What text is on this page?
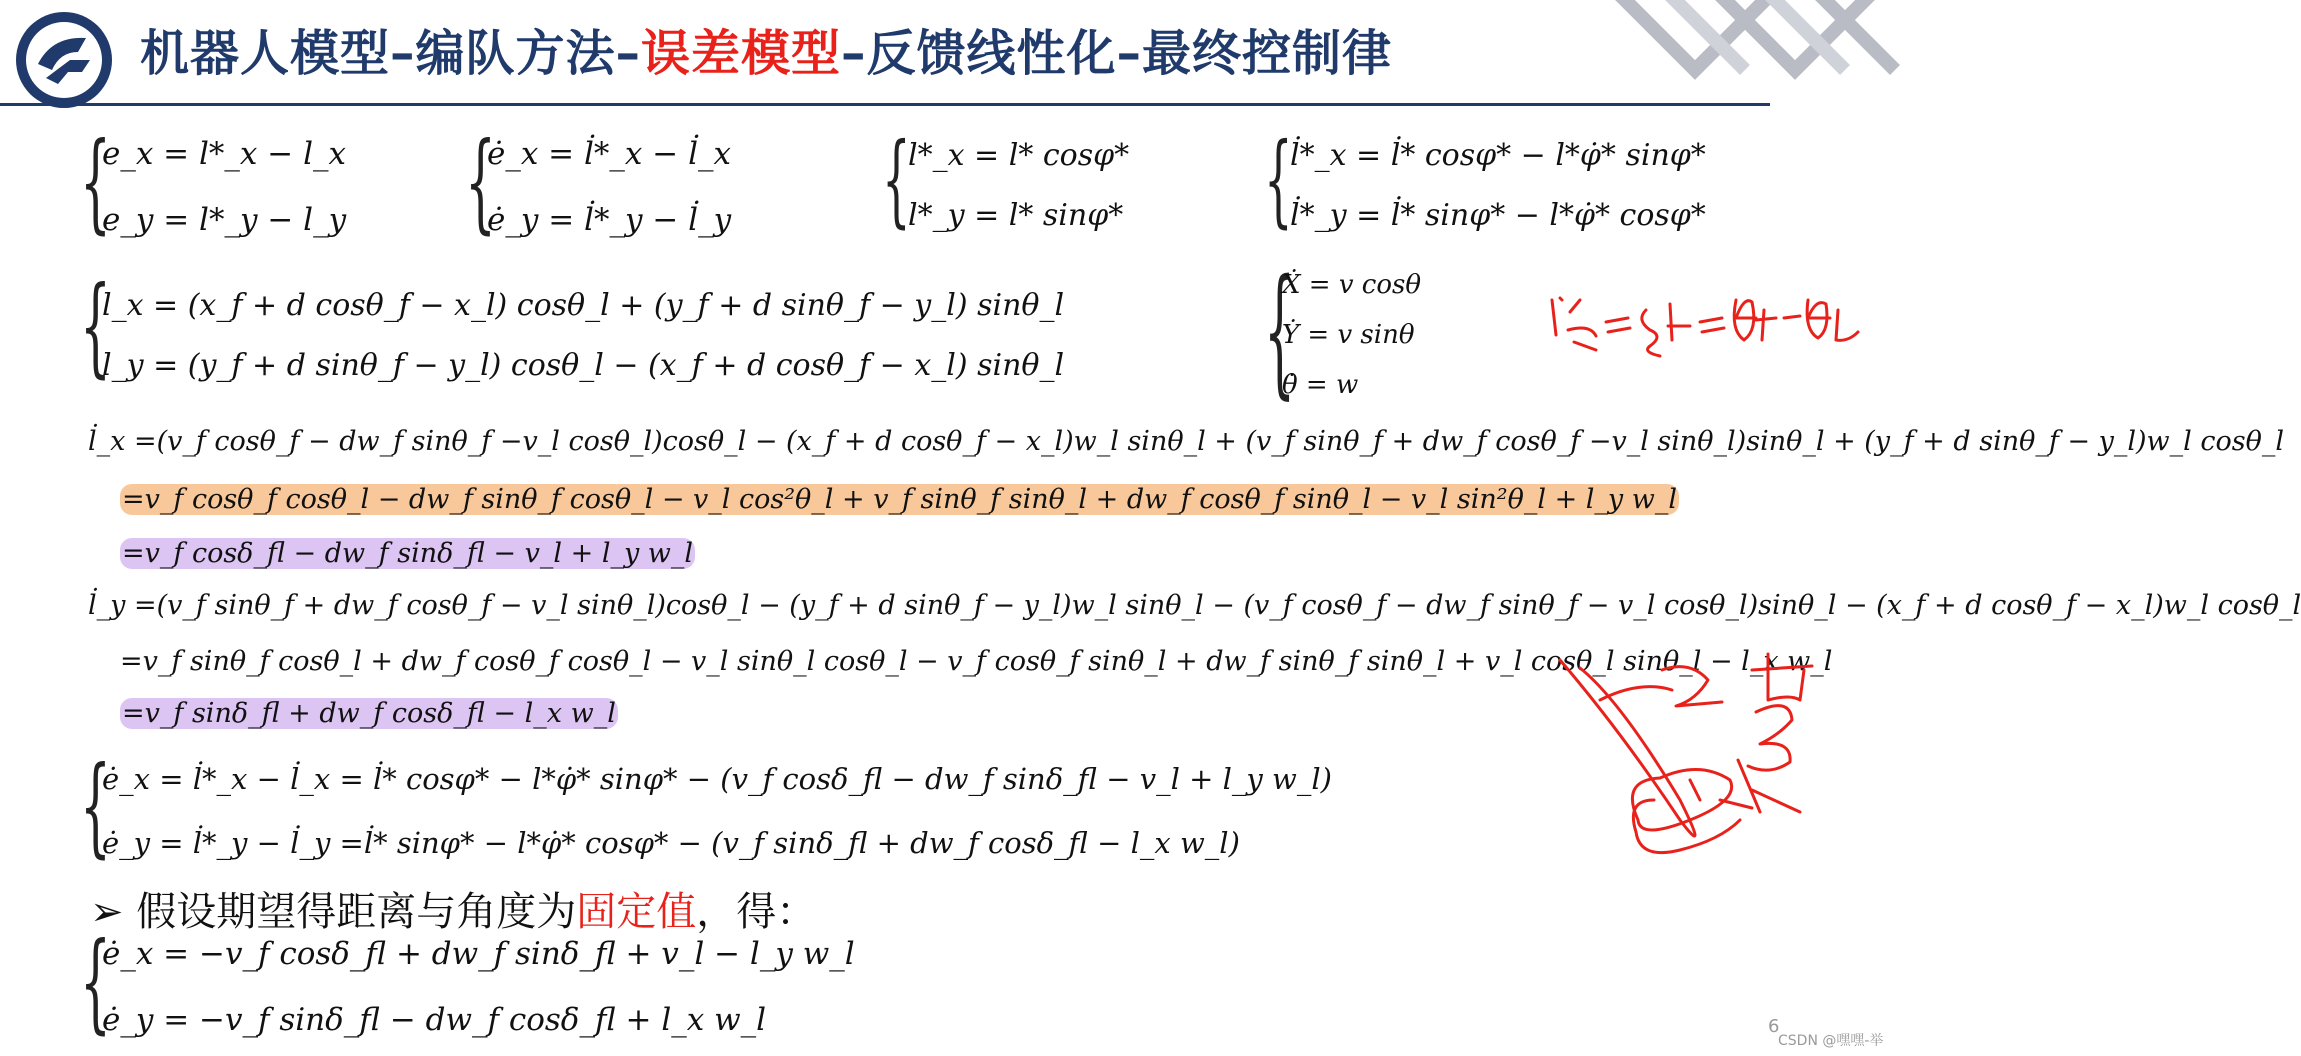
机器人模型–编队方法–误差模型–反馈线性化–最终控制律
{
e_x = l*_x − l_x
e_y = l*_y − l_y {
ė_x = l̇*_x − l̇_x
ė_y = l̇*_y − l̇_y {
l*_x = l* cosφ*
l*_y = l* sinφ* {
l̇*_x = l̇* cosφ* − l*φ̇* sinφ*
l̇*_y = l̇* sinφ* − l*φ̇* cosφ*
{
l_x = (x_f + d cosθ_f − x_l) cosθ_l + (y_f + d sinθ_f − y_l) sinθ_l
l_y = (y_f + d sinθ_f − y_l) cosθ_l − (x_f + d cosθ_f − x_l) sinθ_l {
Ẋ = v cosθ
Ẏ = v sinθ
θ̇ = w
l̇_x =(v_f cosθ_f − dw_f sinθ_f −v_l cosθ_l)cosθ_l − (x_f + d cosθ_f − x_l)w_l sinθ_l + (v_f sinθ_f + dw_f cosθ_f −v_l sinθ_l)sinθ_l + (y_f + d sinθ_f − y_l)w_l cosθ_l
=v_f cosθ_f cosθ_l − dw_f sinθ_f cosθ_l − v_l cos²θ_l + v_f sinθ_f sinθ_l + dw_f cosθ_f sinθ_l − v_l sin²θ_l + l_y w_l
=v_f cosδ_fl − dw_f sinδ_fl − v_l + l_y w_l
l̇_y =(v_f sinθ_f + dw_f cosθ_f − v_l sinθ_l)cosθ_l − (y_f + d sinθ_f − y_l)w_l sinθ_l − (v_f cosθ_f − dw_f sinθ_f − v_l cosθ_l)sinθ_l − (x_f + d cosθ_f − x_l)w_l cosθ_l
=v_f sinθ_f cosθ_l + dw_f cosθ_f cosθ_l − v_l sinθ_l cosθ_l − v_f cosθ_f sinθ_l + dw_f sinθ_f sinθ_l + v_l cosθ_l sinθ_l − l_x w_l
=v_f sinδ_fl + dw_f cosδ_fl − l_x w_l
{
ė_x = l̇*_x − l̇_x = l̇* cosφ* − l*φ̇* sinφ* − (v_f cosδ_fl − dw_f sinδ_fl − v_l + l_y w_l)
ė_y = l̇*_y − l̇_y =l̇* sinφ* − l*φ̇* cosφ* − (v_f sinδ_fl + dw_f cosδ_fl − l_x w_l)
➢ 假设期望得距离与角度为固定值，得：
{
ė_x = −v_f cosδ_fl + dw_f sinδ_fl + v_l − l_y w_l
ė_y = −v_f sinδ_fl − dw_f cosδ_fl + l_x w_l	6
CSDN @嘿嘿-举
